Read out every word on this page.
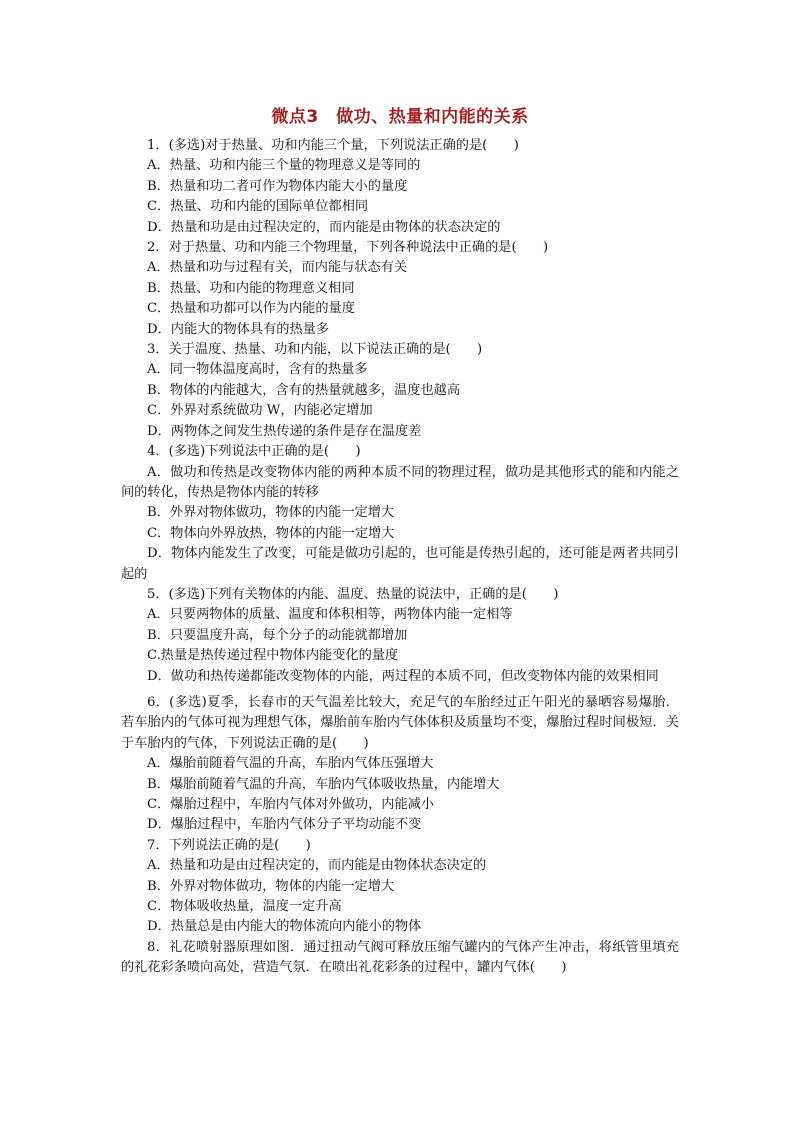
微点3　做功、热量和内能的关系
1．(多选)对于热量、功和内能三个量，下列说法正确的是(　　)
A．热量、功和内能三个量的物理意义是等同的
B．热量和功二者可作为物体内能大小的量度
C．热量、功和内能的国际单位都相同
D．热量和功是由过程决定的，而内能是由物体的状态决定的
2．对于热量、功和内能三个物理量，下列各种说法中正确的是(　　)
A．热量和功与过程有关，而内能与状态有关
B．热量、功和内能的物理意义相同
C．热量和功都可以作为内能的量度
D．内能大的物体具有的热量多
3．关于温度、热量、功和内能，以下说法正确的是(　　)
A．同一物体温度高时，含有的热量多
B．物体的内能越大，含有的热量就越多，温度也越高
C．外界对系统做功 W，内能必定增加
D．两物体之间发生热传递的条件是存在温度差
4．(多选)下列说法中正确的是(　　)
A．做功和传热是改变物体内能的两种本质不同的物理过程，做功是其他形式的能和内能之间的转化，传热是物体内能的转移
B．外界对物体做功，物体的内能一定增大
C．物体向外界放热，物体的内能一定增大
D．物体内能发生了改变，可能是做功引起的，也可能是传热引起的，还可能是两者共同引起的
5．(多选)下列有关物体的内能、温度、热量的说法中，正确的是(　　)
A．只要两物体的质量、温度和体积相等，两物体内能一定相等
B．只要温度升高，每个分子的动能就都增加
C.热量是热传递过程中物体内能变化的量度
D．做功和热传递都能改变物体的内能，两过程的本质不同，但改变物体内能的效果相同
6．(多选)夏季，长春市的天气温差比较大，充足气的车胎经过正午阳光的暴晒容易爆胎．若车胎内的气体可视为理想气体，爆胎前车胎内气体体积及质量均不变，爆胎过程时间极短．关于车胎内的气体，下列说法正确的是(　　)
A．爆胎前随着气温的升高，车胎内气体压强增大
B．爆胎前随着气温的升高，车胎内气体吸收热量，内能增大
C．爆胎过程中，车胎内气体对外做功，内能减小
D．爆胎过程中，车胎内气体分子平均动能不变
7．下列说法正确的是(　　)
A．热量和功是由过程决定的，而内能是由物体状态决定的
B．外界对物体做功，物体的内能一定增大
C．物体吸收热量，温度一定升高
D．热量总是由内能大的物体流向内能小的物体
8．礼花喷射器原理如图．通过扭动气阀可释放压缩气罐内的气体产生冲击，将纸管里填充的礼花彩条喷向高处，营造气氛．在喷出礼花彩条的过程中，罐内气体(　　)
